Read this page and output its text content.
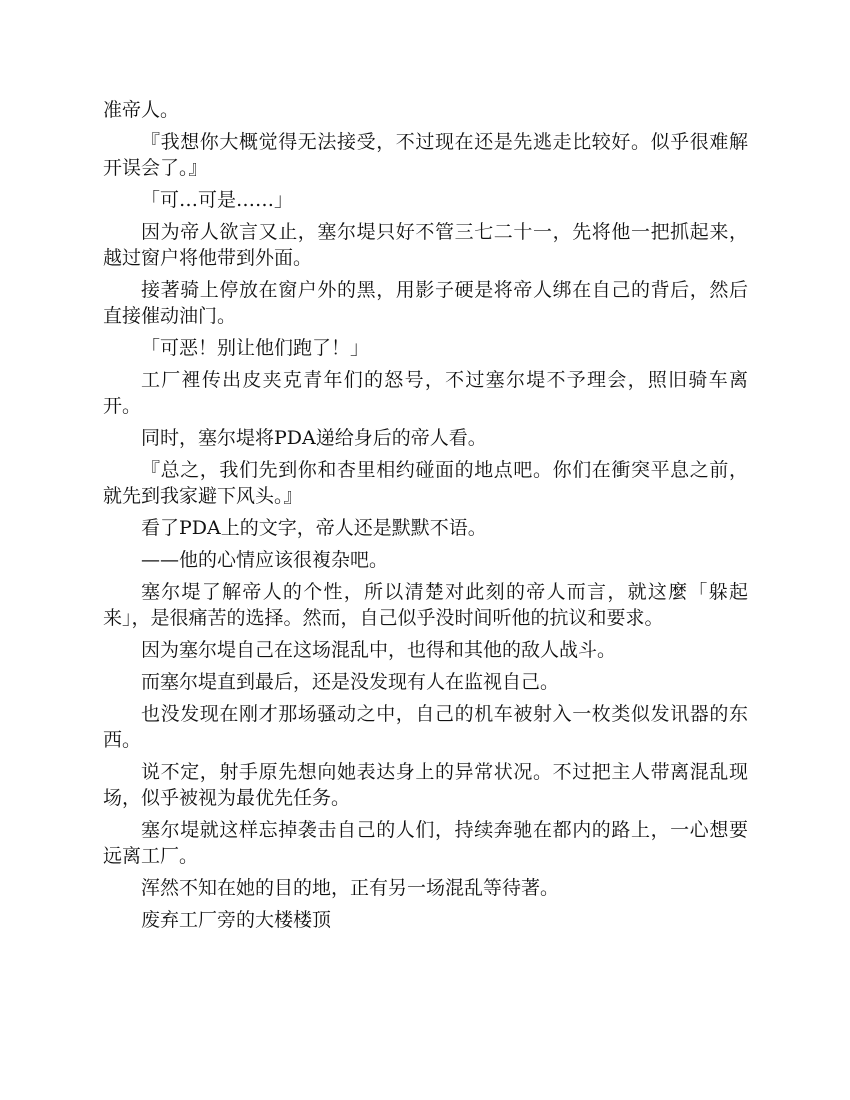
准帝人。

『我想你大概觉得无法接受，不过现在还是先逃走比较好。似乎很难解开误会了。』

「可…可是……」

因为帝人欲言又止，塞尔堤只好不管三七二十一，先将他一把抓起来，越过窗户将他带到外面。

接著骑上停放在窗户外的黑，用影子硬是将帝人绑在自己的背后，然后直接催动油门。

「可恶！别让他们跑了！」

工厂裡传出皮夹克青年们的怒号，不过塞尔堤不予理会，照旧骑车离开。

同时，塞尔堤将PDA递给身后的帝人看。

『总之，我们先到你和杏里相约碰面的地点吧。你们在衝突平息之前，就先到我家避下风头。』

看了PDA上的文字，帝人还是默默不语。

——他的心情应该很複杂吧。

塞尔堤了解帝人的个性，所以清楚对此刻的帝人而言，就这麼「躲起来」，是很痛苦的选择。然而，自己似乎没时间听他的抗议和要求。

因为塞尔堤自己在这场混乱中，也得和其他的敌人战斗。

而塞尔堤直到最后，还是没发现有人在监视自己。

也没发现在刚才那场骚动之中，自己的机车被射入一枚类似发讯器的东西。

说不定，射手原先想向她表达身上的异常状况。不过把主人带离混乱现场，似乎被视为最优先任务。

塞尔堤就这样忘掉袭击自己的人们，持续奔驰在都内的路上，一心想要远离工厂。

浑然不知在她的目的地，正有另一场混乱等待著。

废弃工厂旁的大楼楼顶
